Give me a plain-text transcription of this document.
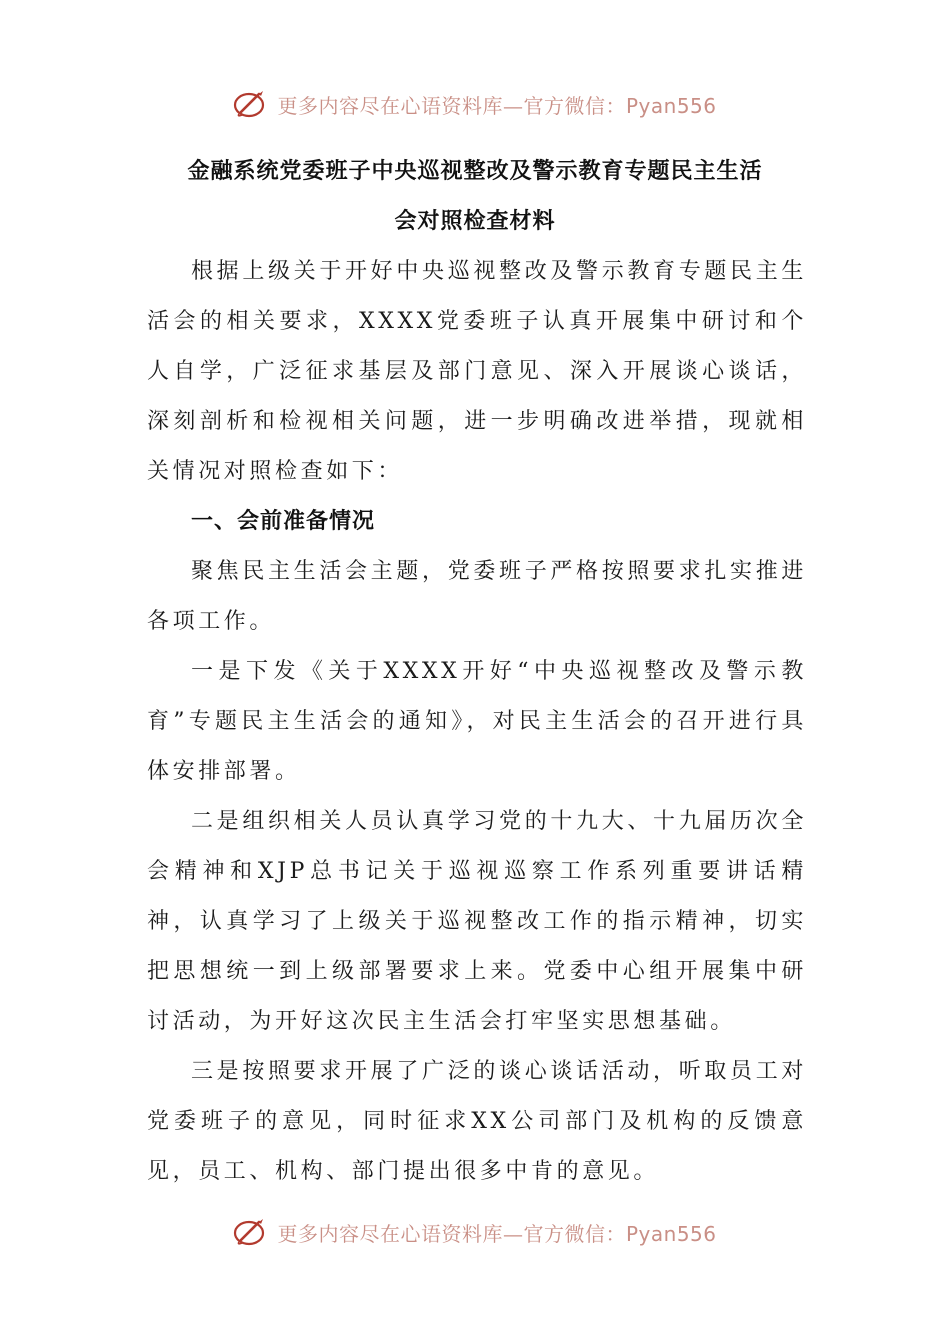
更多内容尽在心语资料库—官方微信：Pyan556
金融系统党委班子中央巡视整改及警示教育专题民主生活
会对照检查材料

根据上级关于开好中央巡视整改及警示教育专题民主生活会的相关要求，XXXX党委班子认真开展集中研讨和个人自学，广泛征求基层及部门意见、深入开展谈心谈话，深刻剖析和检视相关问题，进一步明确改进举措，现就相关情况对照检查如下：

一、会前准备情况

聚焦民主生活会主题，党委班子严格按照要求扎实推进各项工作。

一是下发《关于XXXX开好“中央巡视整改及警示教育”专题民主生活会的通知》，对民主生活会的召开进行具体安排部署。

二是组织相关人员认真学习党的十九大、十九届历次全会精神和XJP总书记关于巡视巡察工作系列重要讲话精神，认真学习了上级关于巡视整改工作的指示精神，切实把思想统一到上级部署要求上来。党委中心组开展集中研讨活动，为开好这次民主生活会打牢坚实思想基础。

三是按照要求开展了广泛的谈心谈话活动，听取员工对党委班子的意见，同时征求XX公司部门及机构的反馈意见，员工、机构、部门提出很多中肯的意见。

更多内容尽在心语资料库—官方微信：Pyan556
